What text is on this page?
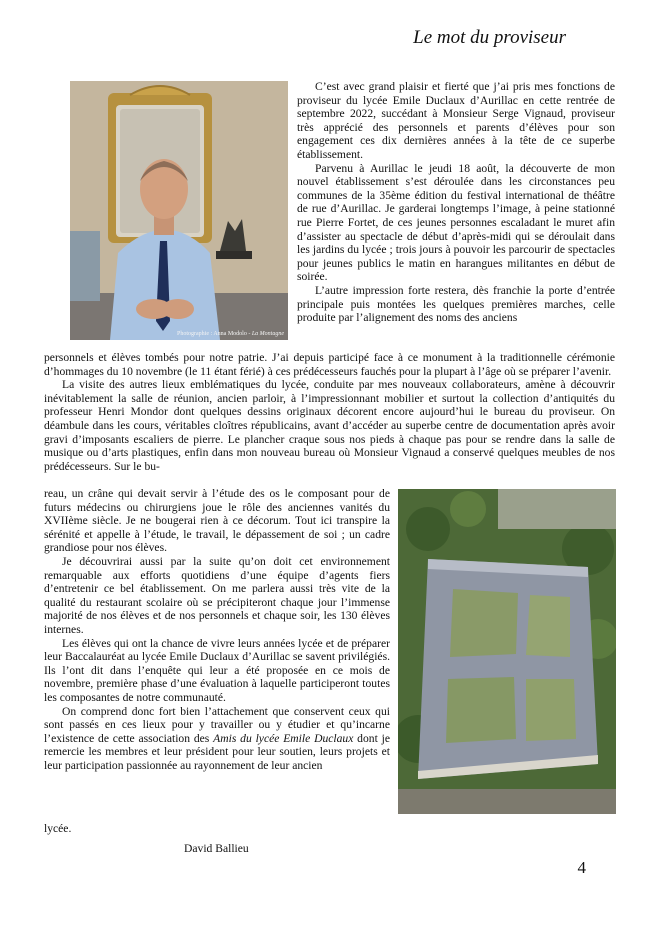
Le mot du proviseur
Photographie : Anna Modolo - La Montagne

C’est avec grand plaisir et fierté que j’ai pris mes fonctions de proviseur du lycée Emile Duclaux d’Aurillac en cette rentrée de septembre 2022, succédant à Monsieur Serge Vignaud, proviseur très apprécié des personnels et parents d’élèves pour son engagement ces dix dernières années à la tête de ce superbe établissement.

Parvenu à Aurillac le jeudi 18 août, la découverte de mon nouvel établissement s’est déroulée dans les circonstances peu communes de la 35ème édition du festival international de théâtre de rue d’Aurillac. Je garderai longtemps l’image, à peine stationné rue Pierre Fortet, de ces jeunes personnes escaladant le muret afin d’assister au spectacle de début d’après-midi qui se déroulait dans les jardins du lycée ; trois jours à pouvoir les parcourir de spectacles pour jeunes publics le matin en harangues militantes en début de soirée.

L’autre impression forte restera, dès franchie la porte d’entrée principale puis montées les quelques premières marches, celle produite par l’alignement des noms des anciens

personnels et élèves tombés pour notre patrie. J’ai depuis participé face à ce monument à la traditionnelle cérémonie d’hommages du 10 novembre (le 11 étant férié) à ces prédécesseurs fauchés pour la plupart à l’âge où se préparer l’avenir.

La visite des autres lieux emblématiques du lycée, conduite par mes nouveaux collaborateurs, amène à découvrir inévitablement la salle de réunion, ancien parloir, à l’impressionnant mobilier et surtout la collection d’antiquités du professeur Henri Mondor dont quelques dessins originaux décorent encore aujourd’hui le bureau du proviseur. On déambule dans les cours, véritables cloîtres républicains, avant d’accéder au superbe centre de documentation après avoir gravi d’imposants escaliers de pierre. Le plancher craque sous nos pieds à chaque pas pour se rendre dans la salle de musique ou d’arts plastiques, enfin dans mon nouveau bureau où Monsieur Vignaud a conservé quelques meubles de nos prédécesseurs. Sur le bu-

reau, un crâne qui devait servir à l’étude des os le composant pour de futurs médecins ou chirurgiens joue le rôle des anciennes vanités du XVIIème siècle. Je ne bougerai rien à ce décorum. Tout ici transpire la sérénité et appelle à l’étude, le travail, le dépassement de soi ; un cadre grandiose pour nos élèves.

Je découvrirai aussi par la suite qu’on doit cet environnement remarquable aux efforts quotidiens d’une équipe d’agents fiers d’entretenir ce bel établissement. On me parlera aussi très vite de la qualité du restaurant scolaire où se précipiteront chaque jour l’immense majorité de nos élèves et de nos personnels et chaque soir, les 130 élèves internes.

Les élèves qui ont la chance de vivre leurs années lycée et de préparer leur Baccalauréat au lycée Emile Duclaux d’Aurillac se savent privilégiés. Ils l’ont dit dans l’enquête qui leur a été proposée en ce mois de novembre, première phase d’une évaluation à laquelle participeront toutes les composantes de notre communauté.

On comprend donc fort bien l’attachement que conservent ceux qui sont passés en ces lieux pour y travailler ou y étudier et qu’incarne l’existence de cette association des Amis du lycée Emile Duclaux dont je remercie les membres et leur président pour leur soutien, leurs projets et leur participation passionnée au rayonnement de leur ancien

lycée.

David Ballieu

4
